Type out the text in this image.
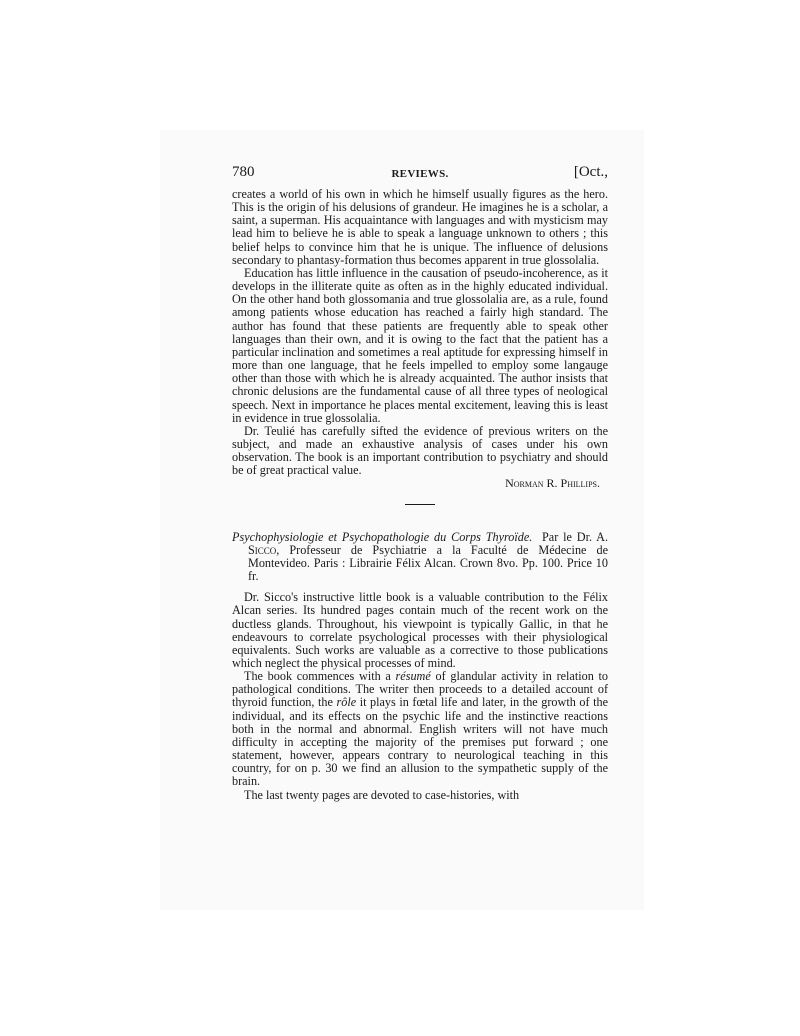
780	REVIEWS.	[Oct.,

creates a world of his own in which he himself usually figures as the hero. This is the origin of his delusions of grandeur. He imagines he is a scholar, a saint, a superman. His acquaintance with languages and with mysticism may lead him to believe he is able to speak a language unknown to others ; this belief helps to convince him that he is unique. The influence of delusions secondary to phantasy-formation thus becomes apparent in true glossolalia.

Education has little influence in the causation of pseudo-incoherence, as it develops in the illiterate quite as often as in the highly educated individual. On the other hand both glossomania and true glossolalia are, as a rule, found among patients whose education has reached a fairly high standard. The author has found that these patients are frequently able to speak other languages than their own, and it is owing to the fact that the patient has a particular inclination and sometimes a real aptitude for expressing himself in more than one language, that he feels impelled to employ some langauge other than those with which he is already acquainted. The author insists that chronic delusions are the fundamental cause of all three types of neological speech. Next in importance he places mental excitement, leaving this is least in evidence in true glossolalia.

Dr. Teulié has carefully sifted the evidence of previous writers on the subject, and made an exhaustive analysis of cases under his own observation. The book is an important contribution to psychiatry and should be of great practical value.

Norman R. Phillips.
Psychophysiologie et Psychopathologie du Corps Thyroïde. Par le Dr. A. Sicco, Professeur de Psychiatrie a la Faculté de Médecine de Montevideo. Paris : Librairie Félix Alcan. Crown 8vo. Pp. 100. Price 10 fr.

Dr. Sicco's instructive little book is a valuable contribution to the Félix Alcan series. Its hundred pages contain much of the recent work on the ductless glands. Throughout, his viewpoint is typically Gallic, in that he endeavours to correlate psychological processes with their physiological equivalents. Such works are valuable as a corrective to those publications which neglect the physical processes of mind.

The book commences with a résumé of glandular activity in relation to pathological conditions. The writer then proceeds to a detailed account of thyroid function, the rôle it plays in fœtal life and later, in the growth of the individual, and its effects on the psychic life and the instinctive reactions both in the normal and abnormal. English writers will not have much difficulty in accepting the majority of the premises put forward ; one statement, however, appears contrary to neurological teaching in this country, for on p. 30 we find an allusion to the sympathetic supply of the brain.

The last twenty pages are devoted to case-histories, with
